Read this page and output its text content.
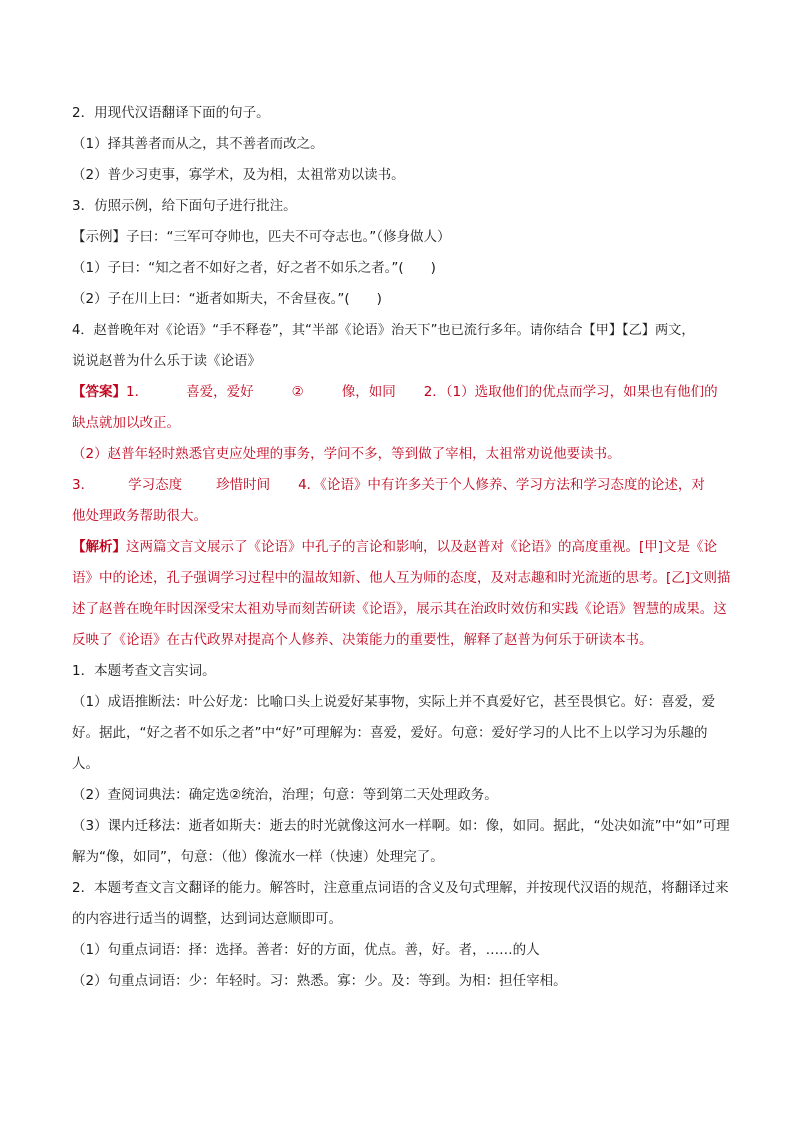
2．用现代汉语翻译下面的句子。

（1）择其善者而从之，其不善者而改之。

（2）普少习吏事，寡学术，及为相，太祖常劝以读书。

3．仿照示例，给下面句子进行批注。

【示例】子曰：“三军可夺帅也，匹夫不可夺志也。”（修身做人）

（1）子曰：“知之者不如好之者，好之者不如乐之者。”(　　)

（2）子在川上曰：“逝者如斯夫，不舍昼夜。”(　　)

4．赵普晚年对《论语》“手不释卷”，其“半部《论语》治天下”也已流行多年。请你结合【甲】【乙】两文，

说说赵普为什么乐于读《论语》

【答案】1．	喜爱，爱好	②	像，如同 2．（1）选取他们的优点而学习，如果也有他们的

缺点就加以改正。

（2）赵普年轻时熟悉官吏应处理的事务，学问不多，等到做了宰相，太祖常劝说他要读书。

3．	学习态度	珍惜时间 4．《论语》中有许多关于个人修养、学习方法和学习态度的论述，对

他处理政务帮助很大。

【解析】这两篇文言文展示了《论语》中孔子的言论和影响，以及赵普对《论语》的高度重视。[甲]文是《论语》中的论述，孔子强调学习过程中的温故知新、他人互为师的态度，及对志趣和时光流逝的思考。[乙]文则描述了赵普在晚年时因深受宋太祖劝导而刻苦研读《论语》，展示其在治政时效仿和实践《论语》智慧的成果。这反映了《论语》在古代政界对提高个人修养、决策能力的重要性，解释了赵普为何乐于研读本书。

1．本题考查文言实词。

（1）成语推断法：叶公好龙：比喻口头上说爱好某事物，实际上并不真爱好它，甚至畏惧它。好：喜爱，爱好。据此，“好之者不如乐之者”中“好”可理解为：喜爱，爱好。句意：爱好学习的人比不上以学习为乐趣的人。

（2）查阅词典法：确定选②统治，治理；句意：等到第二天处理政务。

（3）课内迁移法：逝者如斯夫：逝去的时光就像这河水一样啊。如：像，如同。据此，“处决如流”中“如”可理解为“像，如同”，句意：（他）像流水一样（快速）处理完了。

2．本题考查文言文翻译的能力。解答时，注意重点词语的含义及句式理解，并按现代汉语的规范，将翻译过来的内容进行适当的调整，达到词达意顺即可。

（1）句重点词语：择：选择。善者：好的方面，优点。善，好。者，……的人

（2）句重点词语：少：年轻时。习：熟悉。寡：少。及：等到。为相：担任宰相。
